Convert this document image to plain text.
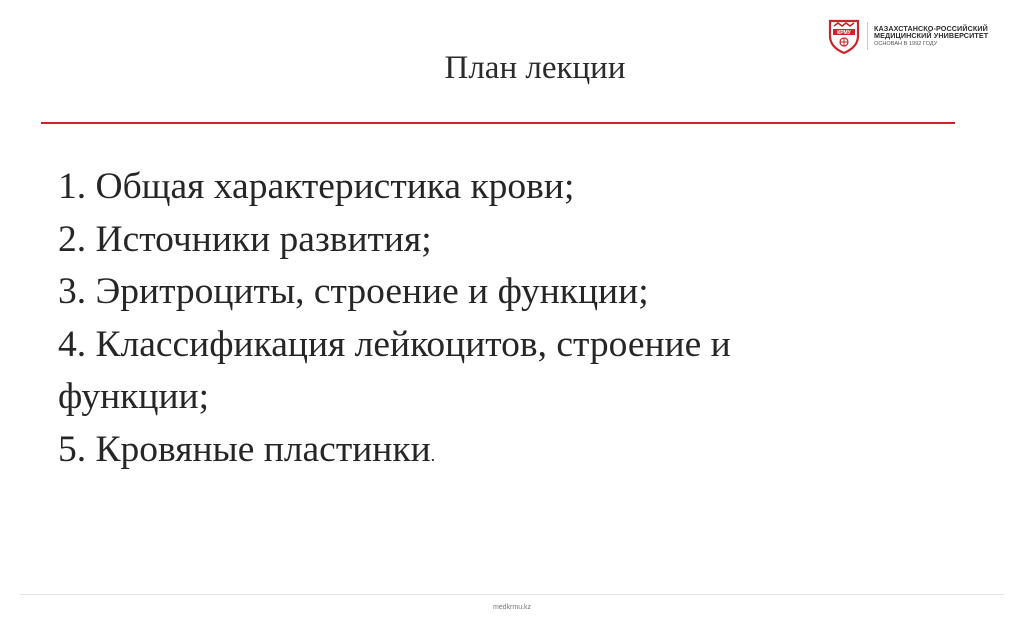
КРМУ
КАЗАХСТАНСКО-РОССИЙСКИЙ
МЕДИЦИНСКИЙ УНИВЕРСИТЕТ
ОСНОВАН В 1992 ГОДУ
План лекции
1. Общая характеристика крови;
2. Источники развития;
3. Эритроциты, строение и функции;
4. Классификация лейкоцитов, строение и
функции;
5. Кровяные пластинки.
medkrmu.kz
